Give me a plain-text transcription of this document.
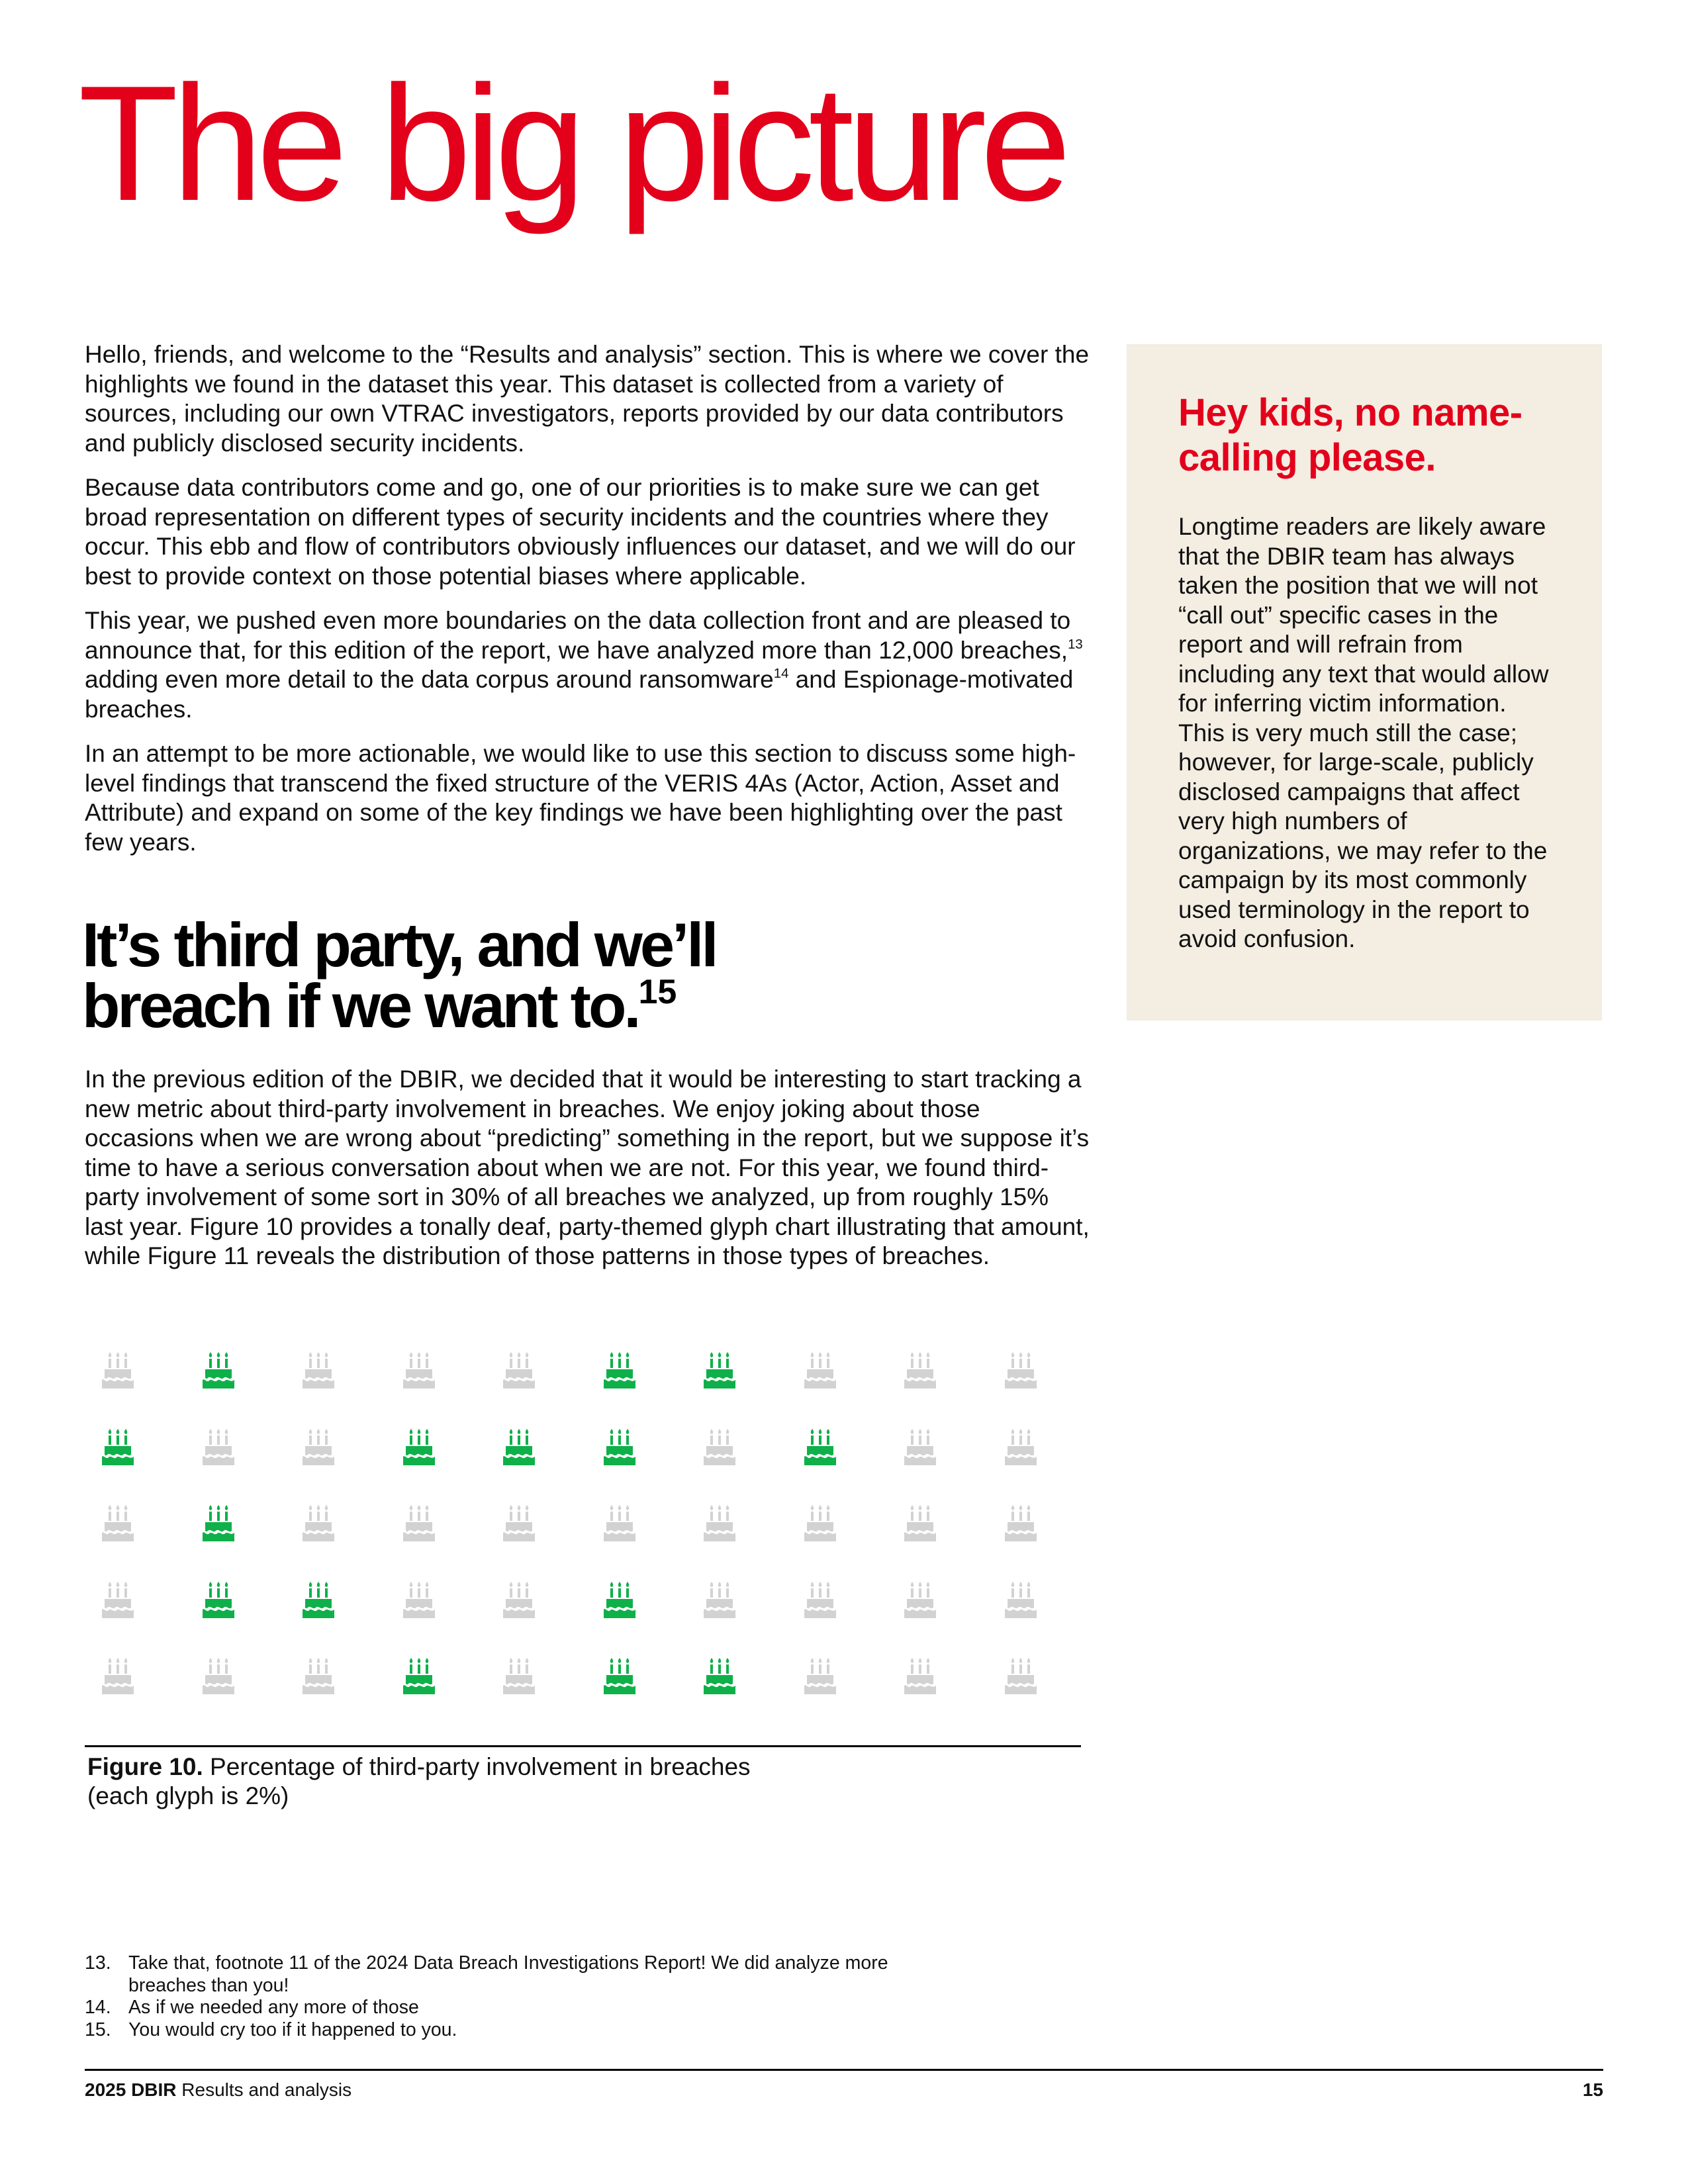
The big picture

Hello, friends, and welcome to the “Results and analysis” section. This is where we cover the highlights we found in the dataset this year. This dataset is collected from a variety of sources, including our own VTRAC investigators, reports provided by our data contributors and publicly disclosed security incidents.

Because data contributors come and go, one of our priorities is to make sure we can get broad representation on different types of security incidents and the countries where they occur. This ebb and flow of contributors obviously influences our dataset, and we will do our best to provide context on those potential biases where applicable.

This year, we pushed even more boundaries on the data collection front and are pleased to announce that, for this edition of the report, we have analyzed more than 12,000 breaches,$^{13}$ adding even more detail to the data corpus around ransomware$^{14}$ and Espionage-motivated breaches.

In an attempt to be more actionable, we would like to use this section to discuss some high-level findings that transcend the fixed structure of the VERIS 4As (Actor, Action, Asset and Attribute) and expand on some of the key findings we have been highlighting over the past few years.

It’s third party, and we’ll
breach if we want to.$^{15}$

In the previous edition of the DBIR, we decided that it would be interesting to start tracking a new metric about third-party involvement in breaches. We enjoy joking about those occasions when we are wrong about “predicting” something in the report, but we suppose it’s time to have a serious conversation about when we are not. For this year, we found third-party involvement of some sort in 30% of all breaches we analyzed, up from roughly 15% last year. Figure 10 provides a tonally deaf, party-themed glyph chart illustrating that amount, while Figure 11 reveals the distribution of those patterns in those types of breaches.

Hey kids, no name-calling please.

Longtime readers are likely aware that the DBIR team has always taken the position that we will not “call out” specific cases in the report and will refrain from including any text that would allow for inferring victim information. This is very much still the case; however, for large-scale, publicly disclosed campaigns that affect very high numbers of organizations, we may refer to the campaign by its most commonly used terminology in the report to avoid confusion.

Figure 10. Percentage of third-party involvement in breaches
(each glyph is 2%)

13. Take that, footnote 11 of the 2024 Data Breach Investigations Report! We did analyze more breaches than you!
14. As if we needed any more of those
15. You would cry too if it happened to you.
2025 DBIR Results and analysis	15
